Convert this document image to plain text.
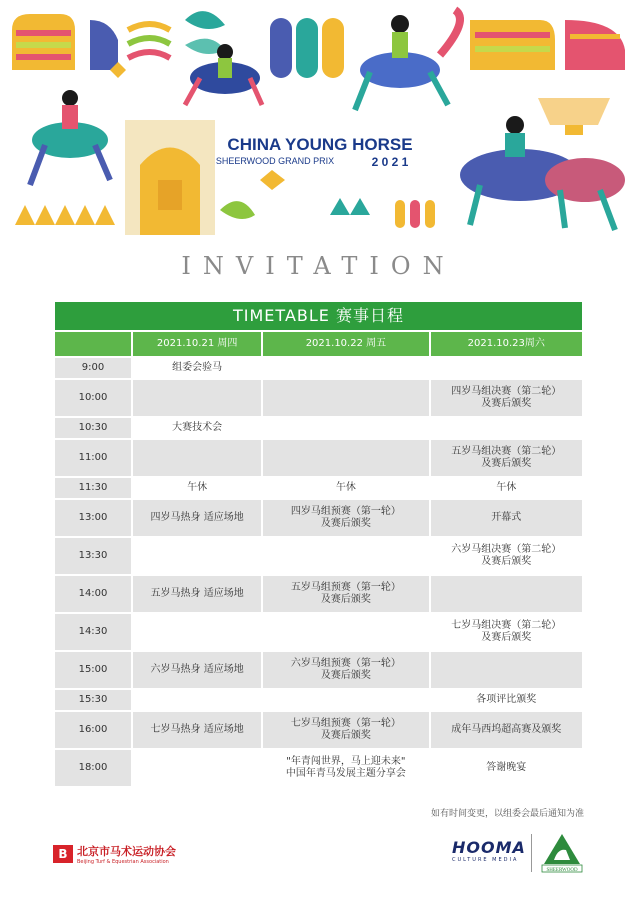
CHINA YOUNG HORSE
SHEERWOOD GRAND PRIX	2 0 2 1
INVITATION
TIMETABLE 赛事日程			
	2021.10.21 周四	2021.10.22 周五	2021.10.23周六
9:00	组委会验马		

10:00			四岁马组决赛（第二轮）
及赛后颁奖

10:30	大赛技术会		

11:00			五岁马组决赛（第二轮）
及赛后颁奖

11:30	午休	午休	午休

13:00	四岁马热身 适应场地	四岁马组预赛（第一轮）
及赛后颁奖	开幕式

13:30			六岁马组决赛（第二轮）
及赛后颁奖

14:00	五岁马热身 适应场地	五岁马组预赛（第一轮）
及赛后颁奖	

14:30			七岁马组决赛（第二轮）
及赛后颁奖

15:00	六岁马热身 适应场地	六岁马组预赛（第一轮）
及赛后颁奖	

15:30			各项评比颁奖

16:00	七岁马热身 适应场地	七岁马组预赛（第一轮）
及赛后颁奖	成年马西坞超高赛及颁奖

18:00		"年青闯世界，马上迎未来"
中国年青马发展主题分享会	答谢晚宴
如有时间变更，以组委会最后通知为准
B 北京市马术运动协会
Beijing Turf & Equestrian Association
HOOMA
CULTURE MEDIA
SHEERWOOD
